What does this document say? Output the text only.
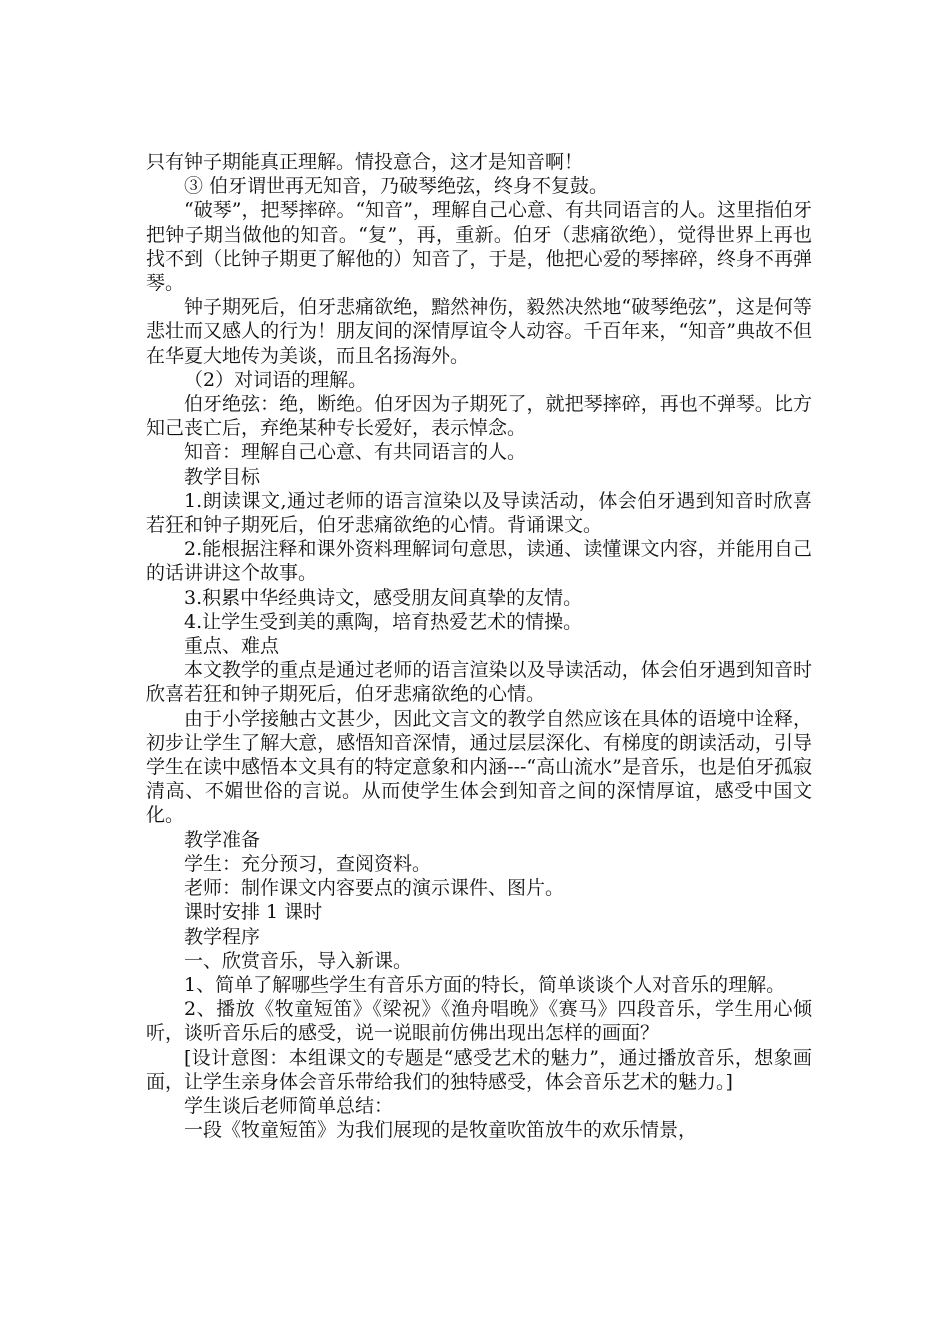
只有钟子期能真正理解。情投意合，这才是知音啊！

③ 伯牙谓世再无知音，乃破琴绝弦，终身不复鼓。

“破琴”，把琴摔碎。“知音”，理解自己心意、有共同语言的人。这里指伯牙把钟子期当做他的知音。“复”，再，重新。伯牙（悲痛欲绝），觉得世界上再也找不到（比钟子期更了解他的）知音了，于是，他把心爱的琴摔碎，终身不再弹琴。

钟子期死后，伯牙悲痛欲绝，黯然神伤，毅然决然地“破琴绝弦”，这是何等悲壮而又感人的行为！朋友间的深情厚谊令人动容。千百年来，“知音”典故不但在华夏大地传为美谈，而且名扬海外。

（2）对词语的理解。

伯牙绝弦：绝，断绝。伯牙因为子期死了，就把琴摔碎，再也不弹琴。比方知己丧亡后，弃绝某种专长爱好，表示悼念。

知音：理解自己心意、有共同语言的人。

教学目标

1.朗读课文,通过老师的语言渲染以及导读活动，体会伯牙遇到知音时欣喜若狂和钟子期死后，伯牙悲痛欲绝的心情。背诵课文。

2.能根据注释和课外资料理解词句意思，读通、读懂课文内容，并能用自己的话讲讲这个故事。

3.积累中华经典诗文，感受朋友间真挚的友情。

4.让学生受到美的熏陶，培育热爱艺术的情操。

重点、难点

本文教学的重点是通过老师的语言渲染以及导读活动，体会伯牙遇到知音时欣喜若狂和钟子期死后，伯牙悲痛欲绝的心情。

由于小学接触古文甚少，因此文言文的教学自然应该在具体的语境中诠释，初步让学生了解大意，感悟知音深情，通过层层深化、有梯度的朗读活动，引导学生在读中感悟本文具有的特定意象和内涵---“高山流水”是音乐，也是伯牙孤寂清高、不媚世俗的言说。从而使学生体会到知音之间的深情厚谊，感受中国文化。

教学准备

学生：充分预习，查阅资料。

老师：制作课文内容要点的演示课件、图片。

课时安排 1 课时

教学程序

一、欣赏音乐，导入新课。

1、简单了解哪些学生有音乐方面的特长，简单谈谈个人对音乐的理解。

2、播放《牧童短笛》《梁祝》《渔舟唱晚》《赛马》四段音乐，学生用心倾听，谈听音乐后的感受，说一说眼前仿佛出现出怎样的画面？

[设计意图：本组课文的专题是“感受艺术的魅力”，通过播放音乐，想象画面，让学生亲身体会音乐带给我们的独特感受，体会音乐艺术的魅力。]

学生谈后老师简单总结：

一段《牧童短笛》为我们展现的是牧童吹笛放牛的欢乐情景，
